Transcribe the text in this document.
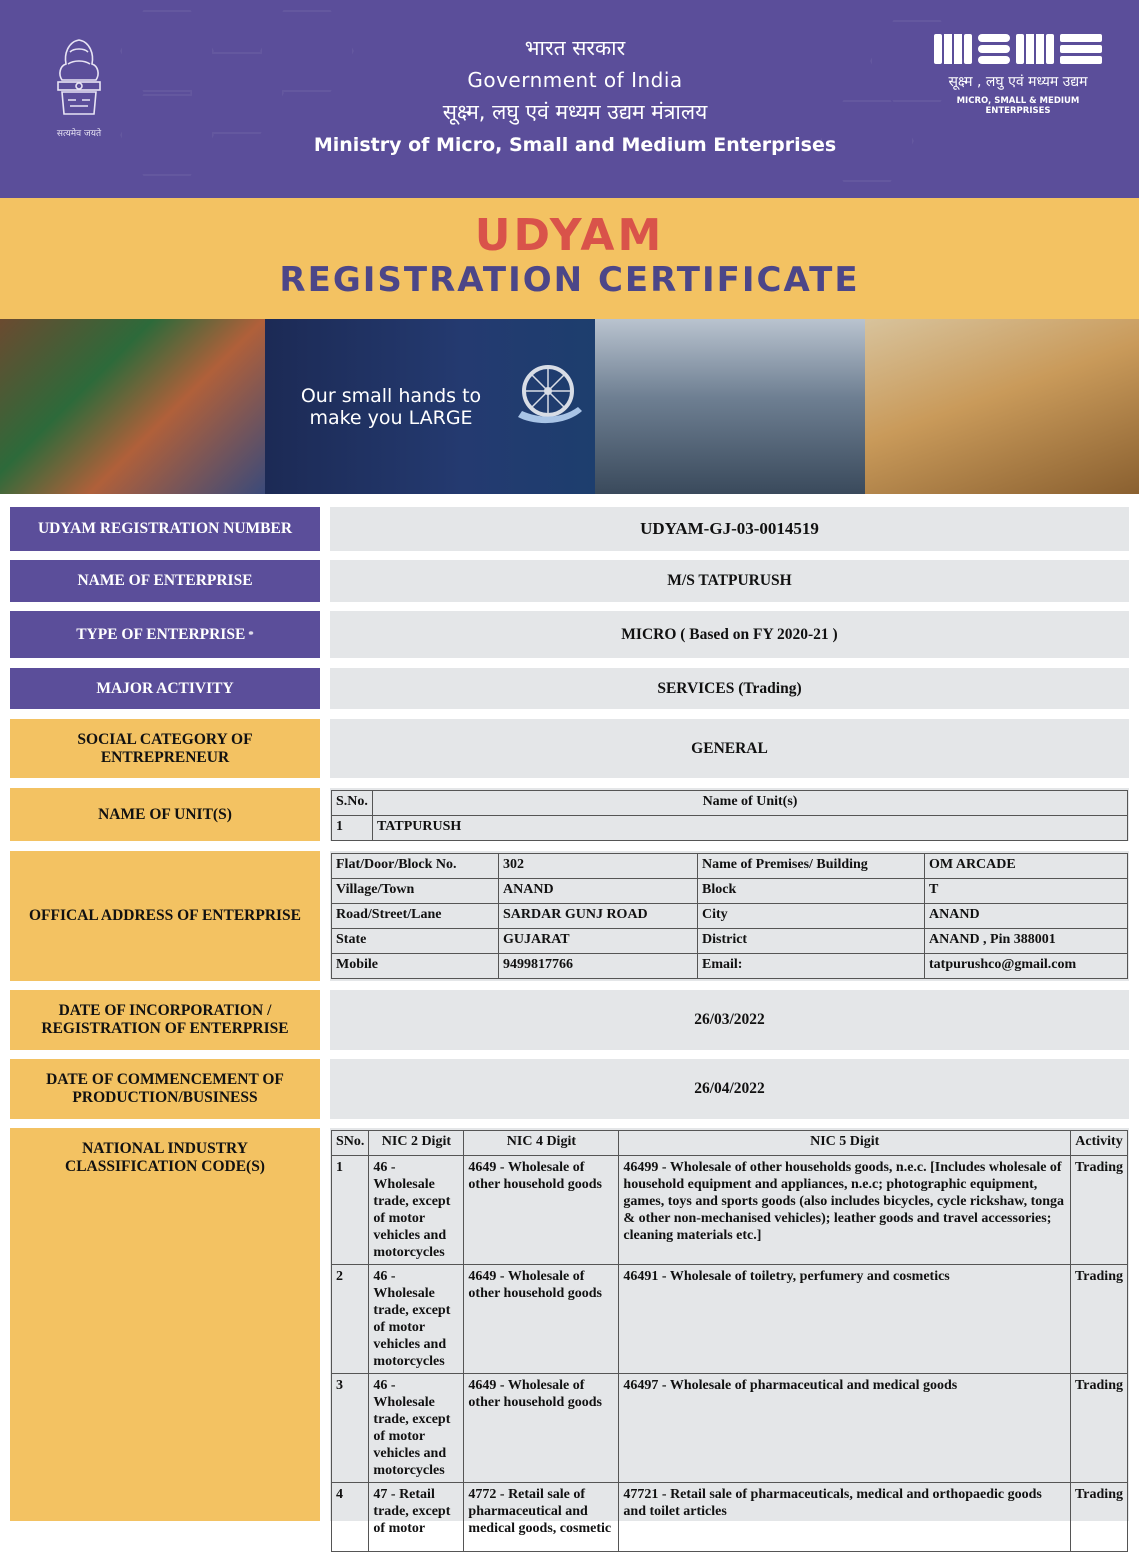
सत्यमेव जयते
भारत सरकार
Government of India
सूक्ष्म, लघु एवं मध्यम उद्यम मंत्रालय
Ministry of Micro, Small and Medium Enterprises
सूक्ष्म , लघु एवं मध्यम उद्यम
MICRO, SMALL & MEDIUM ENTERPRISES
UDYAM
REGISTRATION CERTIFICATE
Our small hands to make you LARGE
UDYAM REGISTRATION NUMBER	UDYAM-GJ-03-0014519
NAME OF ENTERPRISE	M/S TATPURUSH
TYPE OF ENTERPRISE *	MICRO ( Based on FY 2020-21 )
MAJOR ACTIVITY	SERVICES (Trading)
SOCIAL CATEGORY OF ENTREPRENEUR
GENERAL
NAME OF UNIT(S)
S.No.	Name of Unit(s)
1	TATPURUSH
OFFICAL ADDRESS OF ENTERPRISE
Flat/Door/Block No.	302	Name of Premises/ Building	OM ARCADE
Village/Town	ANAND	Block	T
Road/Street/Lane	SARDAR GUNJ ROAD	City	ANAND
State	GUJARAT	District	ANAND , Pin 388001
Mobile	9499817766	Email:	tatpurushco@gmail.com
DATE OF INCORPORATION / REGISTRATION OF ENTERPRISE
26/03/2022
DATE OF COMMENCEMENT OF PRODUCTION/BUSINESS
26/04/2022
NATIONAL INDUSTRY CLASSIFICATION CODE(S)
SNo.	NIC 2 Digit	NIC 4 Digit	NIC 5 Digit	Activity
1	46 - Wholesale trade, except of motor vehicles and motorcycles	4649 - Wholesale of other household goods	46499 - Wholesale of other households goods, n.e.c. [Includes wholesale of household equipment and appliances, n.e.c; photographic equipment, games, toys and sports goods (also includes bicycles, cycle rickshaw, tonga & other non-mechanised vehicles); leather goods and travel accessories; cleaning materials etc.]	Trading
2	46 - Wholesale trade, except of motor vehicles and motorcycles	4649 - Wholesale of other household goods	46491 - Wholesale of toiletry, perfumery and cosmetics	Trading
3	46 - Wholesale trade, except of motor vehicles and motorcycles	4649 - Wholesale of other household goods	46497 - Wholesale of pharmaceutical and medical goods	Trading
4	47 - Retail trade, except of motor	4772 - Retail sale of pharmaceutical and medical goods, cosmetic	47721 - Retail sale of pharmaceuticals, medical and orthopaedic goods and toilet articles	Trading
